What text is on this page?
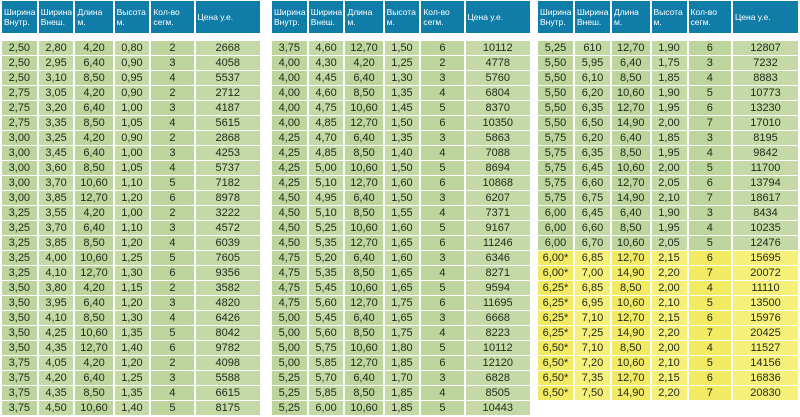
Ширина Внутр.	Ширина Внеш.	Длина м.	Высота м.	Кол-во сегм.	Цена у.е.

2,50	2,80	4,20	0,80	2	2668
2,50	2,95	6,40	0,90	3	4058
2,50	3,10	8,50	0,95	4	5537
2,75	3,05	4,20	0,90	2	2712
2,75	3,20	6,40	1,00	3	4187
2,75	3,35	8,50	1,05	4	5615
3,00	3,25	4,20	0,90	2	2868
3,00	3,45	6,40	1,00	3	4253
3,00	3,60	8,50	1,05	4	5737
3,00	3,70	10,60	1,10	5	7182
3,00	3,85	12,70	1,20	6	8978
3,25	3,55	4,20	1,00	2	3222
3,25	3,70	6,40	1,10	3	4572
3,25	3,85	8,50	1,20	4	6039
3,25	4,00	10,60	1,25	5	7605
3,25	4,10	12,70	1,30	6	9356
3,50	3,80	4,20	1,15	2	3582
3,50	3,95	6,40	1,20	3	4820
3,50	4,10	8,50	1,30	4	6426
3,50	4,25	10,60	1,35	5	8042
3,50	4,35	12,70	1,40	6	9782
3,75	4,05	4,20	1,20	2	4098
3,75	4,20	6,40	1,25	3	5588
3,75	4,35	8,50	1,35	4	6615
3,75	4,50	10,60	1,40	5	8175
Ширина Внутр.	Ширина Внеш.	Длина м.	Высота м.	Кол-во сегм.	Цена у.е.

3,75	4,60	12,70	1,50	6	10112
4,00	4,30	4,20	1,25	2	4778
4,00	4,45	6,40	1,30	3	5760
4,00	4,60	8,50	1,35	4	6804
4,00	4,75	10,60	1,45	5	8370
4,00	4,85	12,70	1,50	6	10350
4,25	4,70	6,40	1,35	3	5863
4,25	4,85	8,50	1,40	4	7088
4,25	5,00	10,60	1,50	5	8694
4,25	5,10	12,70	1,60	6	10868
4,50	4,95	6,40	1,50	3	6207
4,50	5,10	8,50	1,55	4	7371
4,50	5,25	10,60	1,60	5	9167
4,50	5,35	12,70	1,65	6	11246
4,75	5,20	6,40	1,60	3	6346
4,75	5,35	8,50	1,65	4	8271
4,75	5,45	10,60	1,65	5	9594
4,75	5,60	12,70	1,75	6	11695
5,00	5,45	6,40	1,65	3	6668
5,00	5,60	8,50	1,75	4	8223
5,00	5,75	10,60	1,80	5	10112
5,00	5,85	12,70	1,85	6	12120
5,25	5,70	6,40	1,70	3	6828
5,25	5,85	8,50	1,85	4	8505
5,25	6,00	10,60	1,85	5	10443
Ширина Внутр.	Ширина Внеш.	Длина м.	Высота м.	Кол-во сегм.	Цена у.е.

5,25	610	12,70	1,90	6	12807
5,50	5,95	6,40	1,75	3	7232
5,50	6,10	8,50	1,85	4	8883
5,50	6,20	10,60	1,90	5	10773
5,50	6,35	12,70	1,95	6	13230
5,50	6,50	14,90	2,00	7	17010
5,75	6,20	6,40	1,85	3	8195
5,75	6,35	8,50	1,95	4	9842
5,75	6,45	10,60	2,00	5	11700
5,75	6,60	12,70	2,05	6	13794
5,75	6,75	14,90	2,10	7	18617
6,00	6,45	6,40	1,90	3	8434
6,00	6,60	8,50	1,95	4	10235
6,00	6,70	10,60	2,05	5	12476
6,00*	6,85	12,70	2,15	6	15695
6,00*	7,00	14,90	2,20	7	20072
6,25*	6,85	8,50	2,00	4	11110
6,25*	6,95	10,60	2,10	5	13500
6,25*	7,10	12,70	2,15	6	15976
6,25*	7,25	14,90	2,20	7	20425
6,50*	7,10	8,50	2,00	4	11527
6,50*	7,20	10,60	2,10	5	14156
6,50*	7,35	12,70	2,15	6	16836
6,50*	7,50	14,90	2,20	7	20830
